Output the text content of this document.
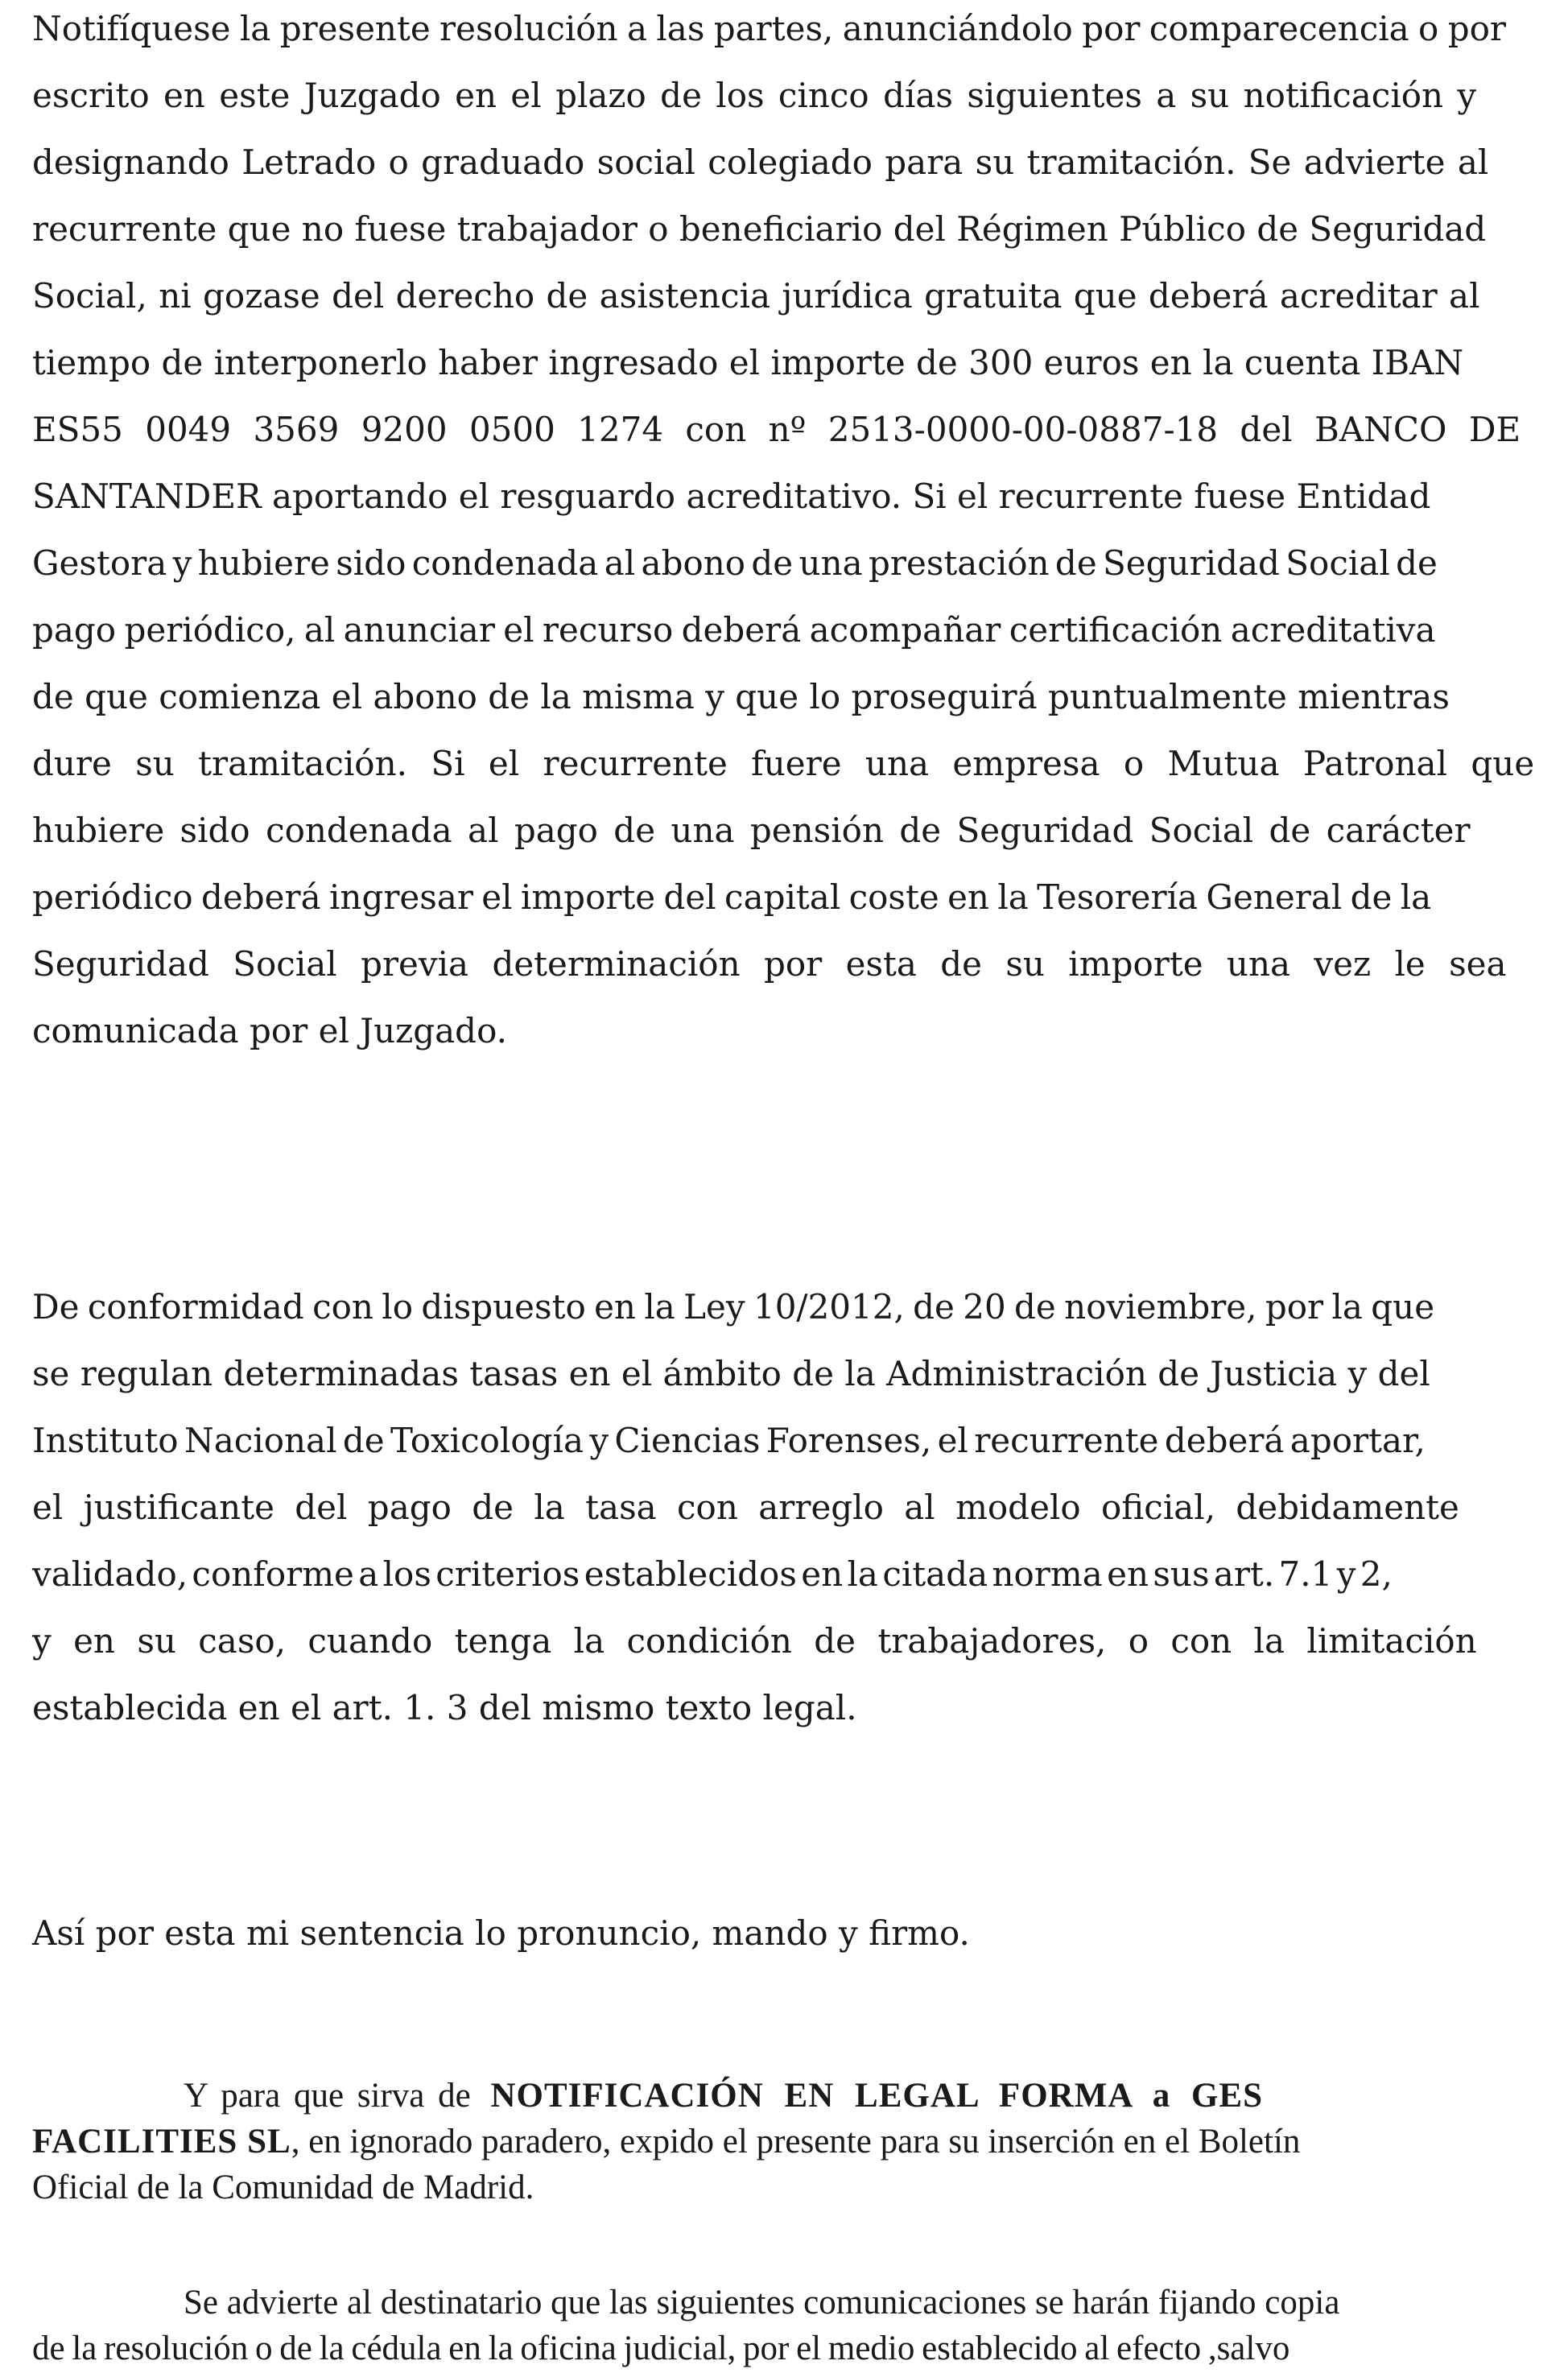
Notifíquese la presente resolución a las partes, anunciándolo por comparecencia o por
escrito en este Juzgado en el plazo de los cinco días siguientes a su notificación y
designando Letrado o graduado social colegiado para su tramitación. Se advierte al
recurrente que no fuese trabajador o beneficiario del Régimen Público de Seguridad
Social, ni gozase del derecho de asistencia jurídica gratuita que deberá acreditar al
tiempo de interponerlo haber ingresado el importe de 300 euros en la cuenta IBAN
ES55 0049 3569 9200 0500 1274 con nº 2513-0000-00-0887-18 del BANCO DE
SANTANDER aportando el resguardo acreditativo. Si el recurrente fuese Entidad
Gestora y hubiere sido condenada al abono de una prestación de Seguridad Social de
pago periódico, al anunciar el recurso deberá acompañar certificación acreditativa
de que comienza el abono de la misma y que lo proseguirá puntualmente mientras
dure su tramitación. Si el recurrente fuere una empresa o Mutua Patronal que
hubiere sido condenada al pago de una pensión de Seguridad Social de carácter
periódico deberá ingresar el importe del capital coste en la Tesorería General de la
Seguridad Social previa determinación por esta de su importe una vez le sea
comunicada por el Juzgado.

De conformidad con lo dispuesto en la Ley 10/2012, de 20 de noviembre, por la que
se regulan determinadas tasas en el ámbito de la Administración de Justicia y del
Instituto Nacional de Toxicología y Ciencias Forenses, el recurrente deberá aportar,
el justificante del pago de la tasa con arreglo al modelo oficial, debidamente
validado, conforme a los criterios establecidos en la citada norma en sus art. 7.1 y 2,
y en su caso, cuando tenga la condición de trabajadores, o con la limitación
establecida en el art. 1. 3 del mismo texto legal.

Así por esta mi sentencia lo pronuncio, mando y firmo.

Y para que sirva de NOTIFICACIÓN EN LEGAL FORMA a GES
FACILITIES SL, en ignorado paradero, expido el presente para su inserción en el Boletín
Oficial de la Comunidad de Madrid.

Se advierte al destinatario que las siguientes comunicaciones se harán fijando copia
de la resolución o de la cédula en la oficina judicial, por el medio establecido al efecto ,salvo
